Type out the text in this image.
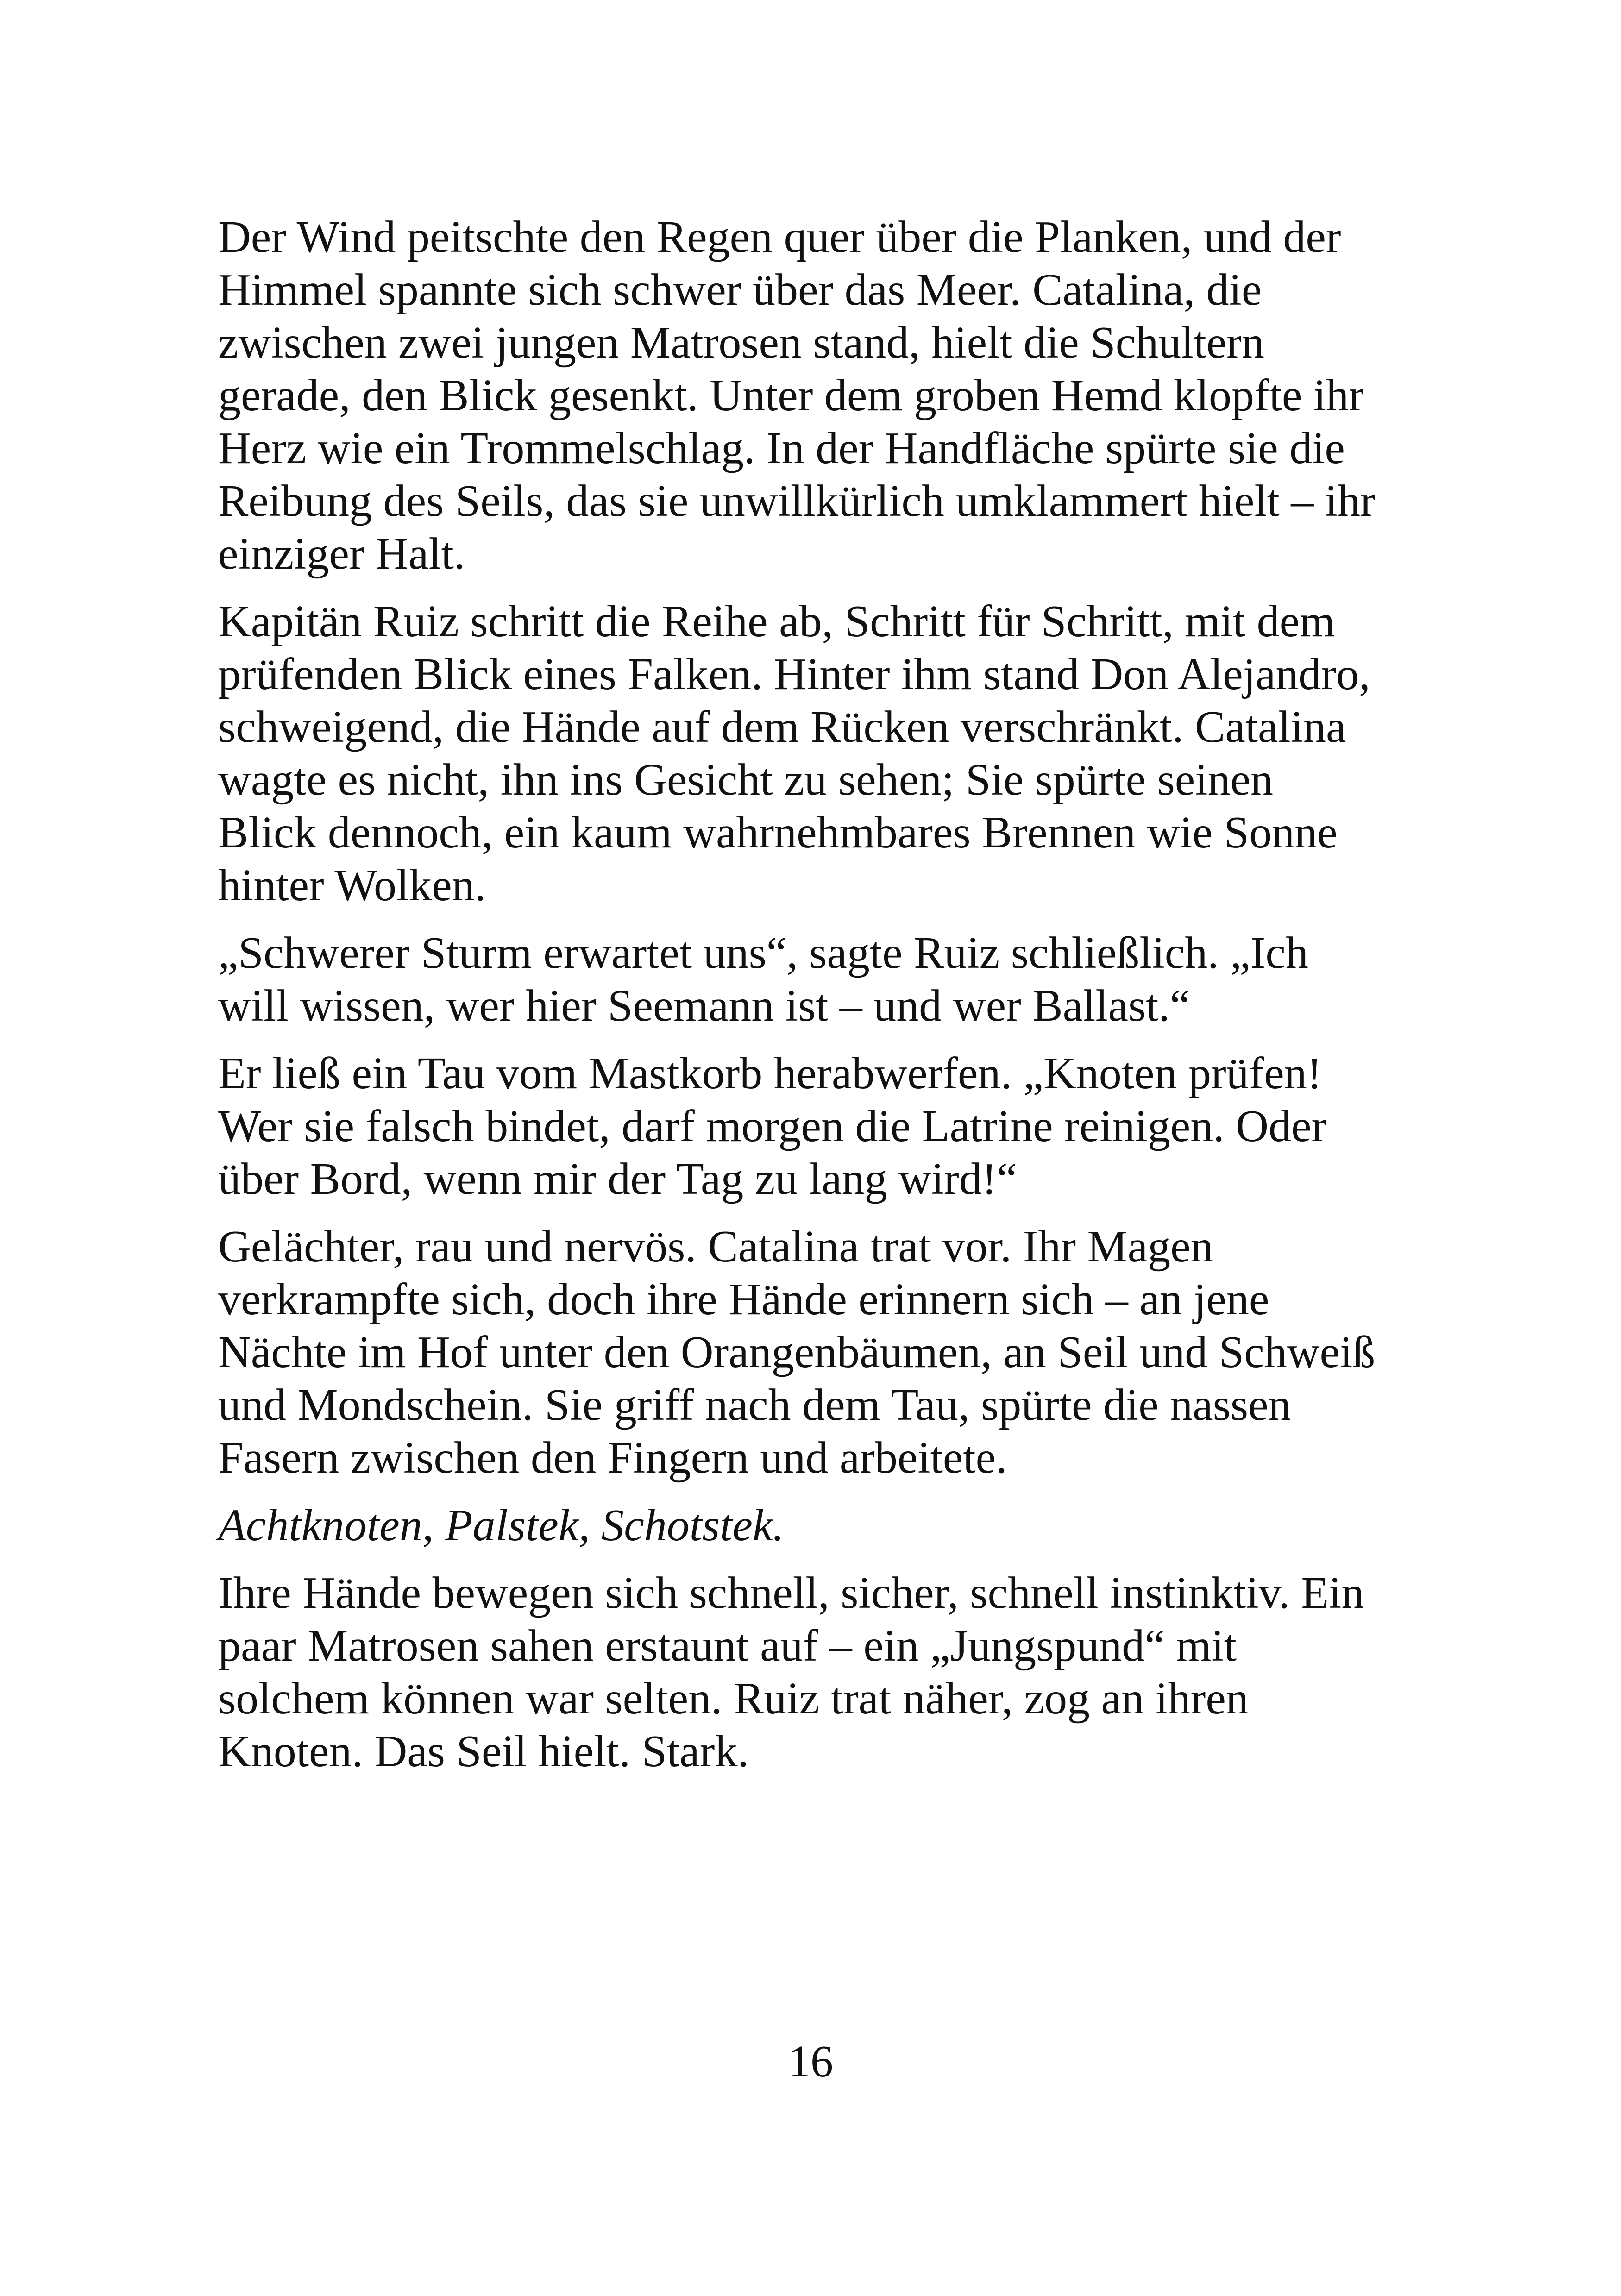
Der Wind peitschte den Regen quer über die Planken, und der
Himmel spannte sich schwer über das Meer. Catalina, die
zwischen zwei jungen Matrosen stand, hielt die Schultern
gerade, den Blick gesenkt. Unter dem groben Hemd klopfte ihr
Herz wie ein Trommelschlag. In der Handfläche spürte sie die
Reibung des Seils, das sie unwillkürlich umklammert hielt – ihr
einziger Halt.

Kapitän Ruiz schritt die Reihe ab, Schritt für Schritt, mit dem
prüfenden Blick eines Falken. Hinter ihm stand Don Alejandro,
schweigend, die Hände auf dem Rücken verschränkt. Catalina
wagte es nicht, ihn ins Gesicht zu sehen; Sie spürte seinen
Blick dennoch, ein kaum wahrnehmbares Brennen wie Sonne
hinter Wolken.

„Schwerer Sturm erwartet uns“, sagte Ruiz schließlich. „Ich
will wissen, wer hier Seemann ist – und wer Ballast.“

Er ließ ein Tau vom Mastkorb herabwerfen. „Knoten prüfen!
Wer sie falsch bindet, darf morgen die Latrine reinigen. Oder
über Bord, wenn mir der Tag zu lang wird!“

Gelächter, rau und nervös. Catalina trat vor. Ihr Magen
verkrampfte sich, doch ihre Hände erinnern sich – an jene
Nächte im Hof unter den Orangenbäumen, an Seil und Schweiß
und Mondschein. Sie griff nach dem Tau, spürte die nassen
Fasern zwischen den Fingern und arbeitete.

Achtknoten, Palstek, Schotstek.

Ihre Hände bewegen sich schnell, sicher, schnell instinktiv. Ein
paar Matrosen sahen erstaunt auf – ein „Jungspund“ mit
solchem können war selten. Ruiz trat näher, zog an ihren
Knoten. Das Seil hielt. Stark.

16
